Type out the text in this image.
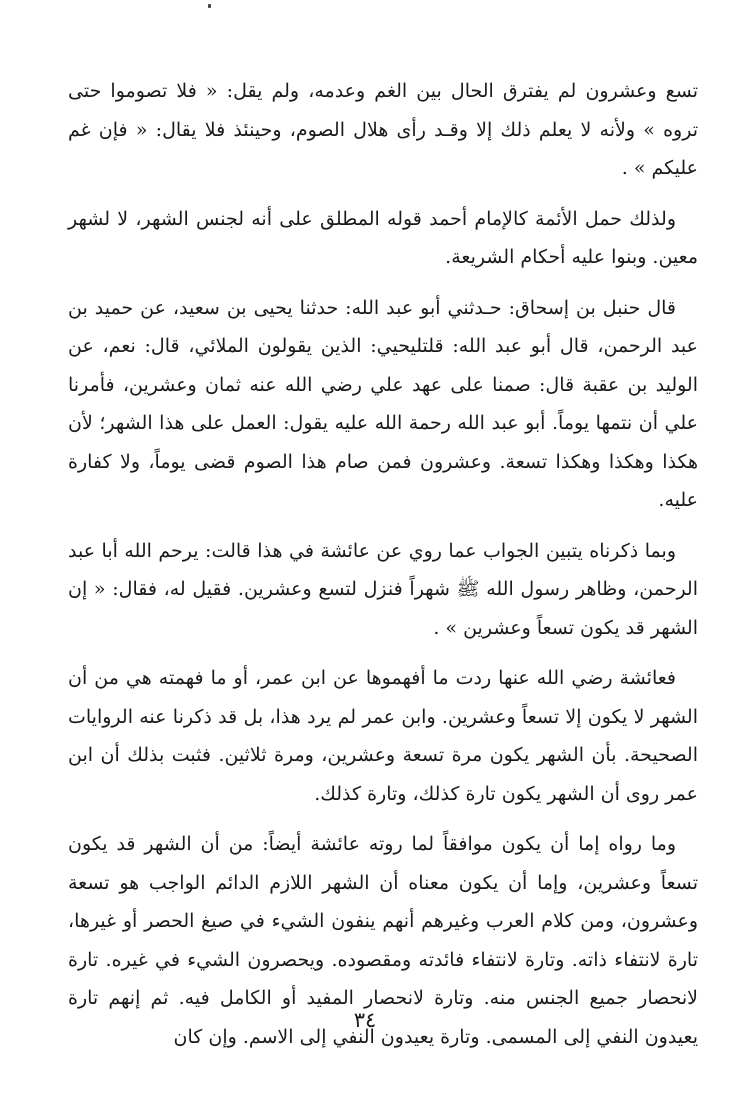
تسع وعشرون لم يفترق الحال بين الغم وعدمه، ولم يقل: « فلا تصوموا حتى تروه » ولأنه لا يعلم ذلك إلا وقـد رأى هلال الصوم، وحينئذ فلا يقال: « فإن غم عليكم » .

ولذلك حمل الأئمة كالإمام أحمد قوله المطلق على أنه لجنس الشهر، لا لشهر معين. وبنوا عليه أحكام الشريعة.

قال حنبل بن إسحاق: حـدثني أبو عبد الله: حدثنا يحيى بن سعيد، عن حميد بن عبد الرحمن، قال أبو عبد الله: قلتليحيي: الذين يقولون الملائي، قال: نعم، عن الوليد بن عقبة قال: صمنا على عهد علي رضي الله عنه ثمان وعشرين، فأمرنا علي أن نتمها يوماً. أبو عبد الله رحمة الله عليه يقول: العمل على هذا الشهر؛ لأن هكذا وهكذا وهكذا تسعة. وعشرون فمن صام هذا الصوم قضى يوماً، ولا كفارة عليه.

وبما ذكرناه يتبين الجواب عما روي عن عائشة في هذا قالت: يرحم الله أبا عبد الرحمن، وظاهر رسول الله ﷺ شهراً فنزل لتسع وعشرين. فقيل له، فقال: « إن الشهر قد يكون تسعاً وعشرين » .

فعائشة رضي الله عنها ردت ما أفهموها عن ابن عمر، أو ما فهمته هي من أن الشهر لا يكون إلا تسعاً وعشرين. وابن عمر لم يرد هذا، بل قد ذكرنا عنه الروايات الصحيحة. بأن الشهر يكون مرة تسعة وعشرين، ومرة ثلاثين. فثبت بذلك أن ابن عمر روى أن الشهر يكون تارة كذلك، وتارة كذلك.

وما رواه إما أن يكون موافقاً لما روته عائشة أيضاً: من أن الشهر قد يكون تسعاً وعشرين، وإما أن يكون معناه أن الشهر اللازم الدائم الواجب هو تسعة وعشرون، ومن كلام العرب وغيرهم أنهم ينفون الشيء في صيغ الحصر أو غيرها، تارة لانتفاء ذاته. وتارة لانتفاء فائدته ومقصوده. ويحصرون الشيء في غيره. تارة لانحصار جميع الجنس منه. وتارة لانحصار المفيد أو الكامل فيه. ثم إنهم تارة يعيدون النفي إلى المسمى. وتارة يعيدون النفي إلى الاسم. وإن كان

٣٤
